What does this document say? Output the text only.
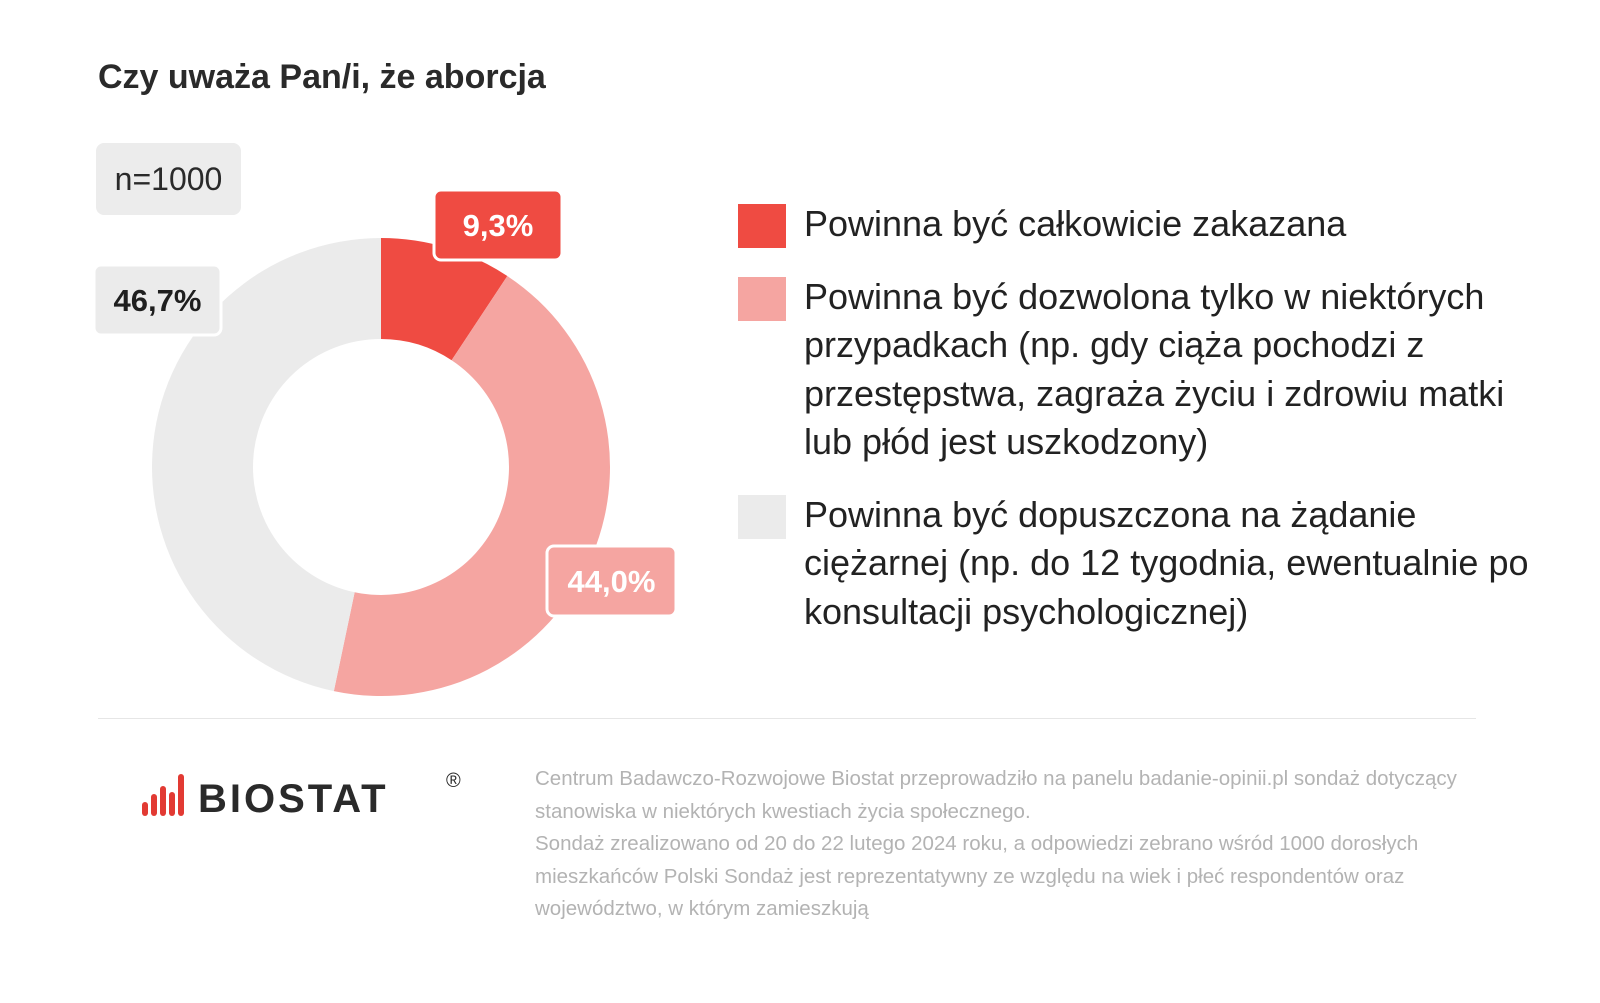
Czy uważa Pan/i, że aborcja
n=1000
9,3%
44,0%
46,7%
Powinna być całkowicie zakazana
Powinna być dozwolona tylko w niektórych przypadkach (np. gdy ciąża pochodzi z przestępstwa, zagraża życiu i zdrowiu matki lub płód jest uszkodzony)
Powinna być dopuszczona na żądanie ciężarnej (np. do 12 tygodnia, ewentualnie po konsultacji psychologicznej)
BIOSTAT	®	Centrum Badawczo-Rozwojowe Biostat przeprowadziło na panelu badanie-opinii.pl sondaż dotyczący stanowiska w niektórych kwestiach życia społecznego.

Sondaż zrealizowano od 20 do 22 lutego 2024 roku, a odpowiedzi zebrano wśród 1000 dorosłych mieszkańców Polski Sondaż jest reprezentatywny ze względu na wiek i płeć respondentów oraz województwo, w którym zamieszkują
